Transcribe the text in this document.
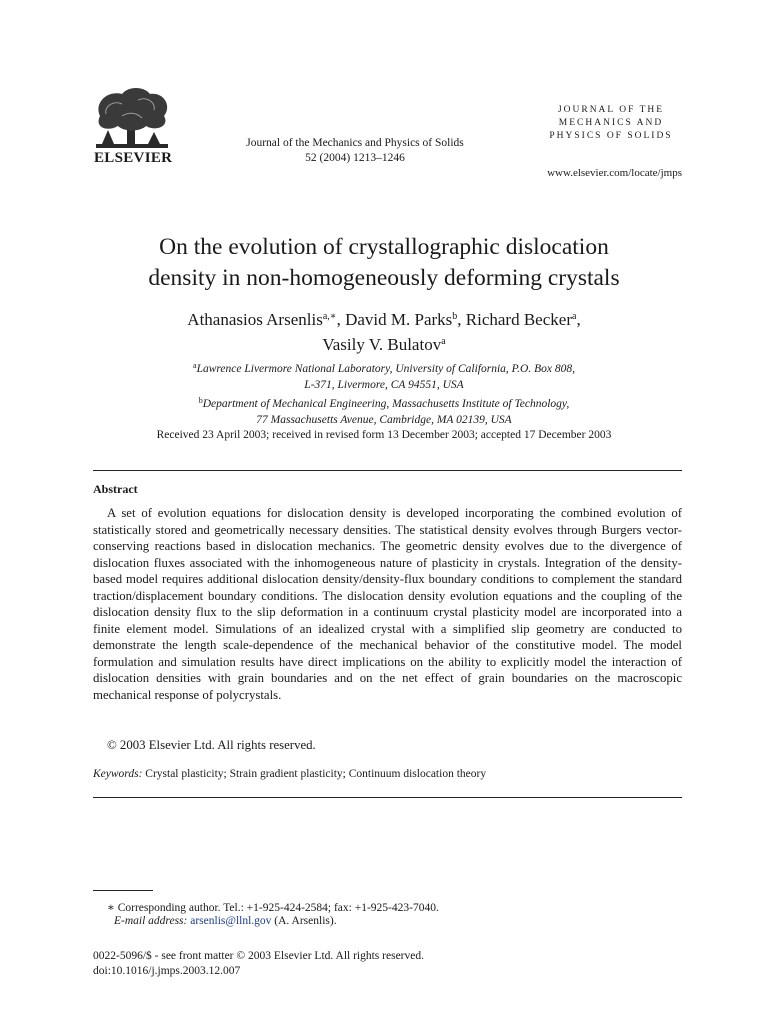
ELSEVIER
Journal of the Mechanics and Physics of Solids
52 (2004) 1213–1246
JOURNAL OF THE
MECHANICS AND
PHYSICS OF SOLIDS
www.elsevier.com/locate/jmps
On the evolution of crystallographic dislocation
density in non-homogeneously deforming crystals
Athanasios Arsenlis$^{a,∗}$, David M. Parks$^b$, Richard Becker$^a$,
Vasily V. Bulatov$^a$
$^a$Lawrence Livermore National Laboratory, University of California, P.O. Box 808,
L-371, Livermore, CA 94551, USA
$^b$Department of Mechanical Engineering, Massachusetts Institute of Technology,
77 Massachusetts Avenue, Cambridge, MA 02139, USA
Received 23 April 2003; received in revised form 13 December 2003; accepted 17 December 2003
Abstract
A set of evolution equations for dislocation density is developed incorporating the combined evolution of statistically stored and geometrically necessary densities. The statistical density evolves through Burgers vector-conserving reactions based in dislocation mechanics. The geometric density evolves due to the divergence of dislocation fluxes associated with the inhomogeneous nature of plasticity in crystals. Integration of the density-based model requires additional dislocation density/density-flux boundary conditions to complement the standard traction/displacement boundary conditions. The dislocation density evolution equations and the coupling of the dislocation density flux to the slip deformation in a continuum crystal plasticity model are incorporated into a finite element model. Simulations of an idealized crystal with a simplified slip geometry are conducted to demonstrate the length scale-dependence of the mechanical behavior of the constitutive model. The model formulation and simulation results have direct implications on the ability to explicitly model the interaction of dislocation densities with grain boundaries and on the net effect of grain boundaries on the macroscopic mechanical response of polycrystals.
© 2003 Elsevier Ltd. All rights reserved.
Keywords: Crystal plasticity; Strain gradient plasticity; Continuum dislocation theory
∗ Corresponding author. Tel.: +1-925-424-2584; fax: +1-925-423-7040.
E-mail address: arsenlis@llnl.gov (A. Arsenlis).
0022-5096/$ - see front matter © 2003 Elsevier Ltd. All rights reserved.
doi:10.1016/j.jmps.2003.12.007
